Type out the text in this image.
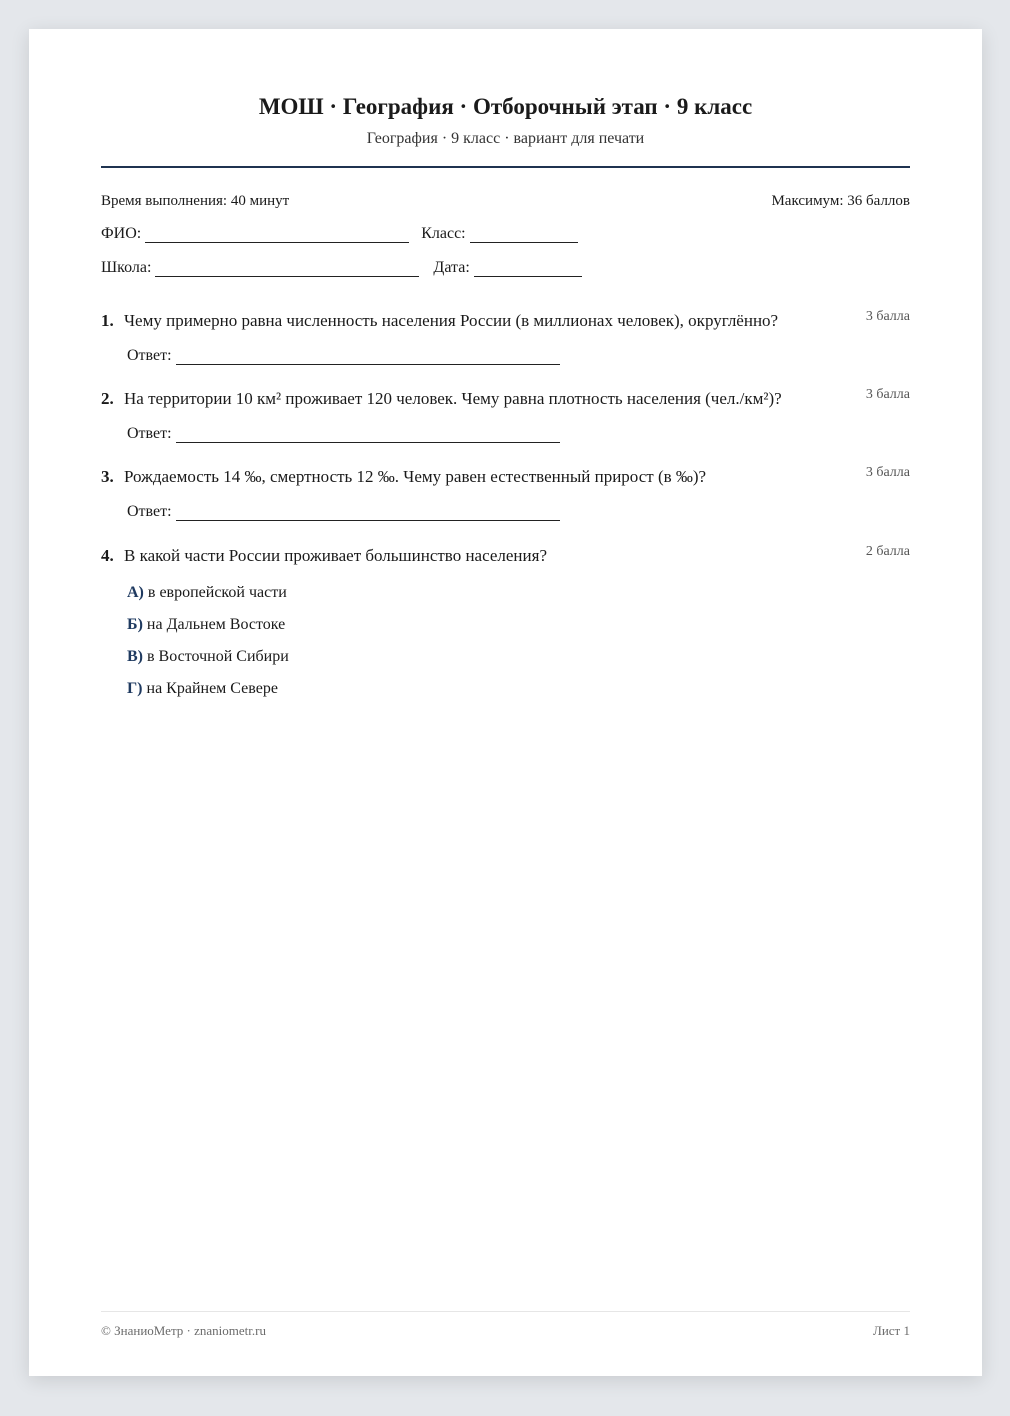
МОШ · География · Отборочный этап · 9 класс
География · 9 класс · вариант для печати
Время выполнения: 40 минут	Максимум: 36 баллов
ФИО:	Класс:
Школа:	Дата:
1. Чему примерно равна численность населения России (в миллионах человек), округлённо?	3 балла
Ответ:
2. На территории 10 км² проживает 120 человек. Чему равна плотность населения (чел./км²)?	3 балла
Ответ:
3. Рождаемость 14 ‰, смертность 12 ‰. Чему равен естественный прирост (в ‰)?	3 балла
Ответ:
4. В какой части России проживает большинство населения?	2 балла
А) в европейской части
Б) на Дальнем Востоке
В) в Восточной Сибири
Г) на Крайнем Севере
© ЗнаниоМетр · znaniometr.ru	Лист 1
